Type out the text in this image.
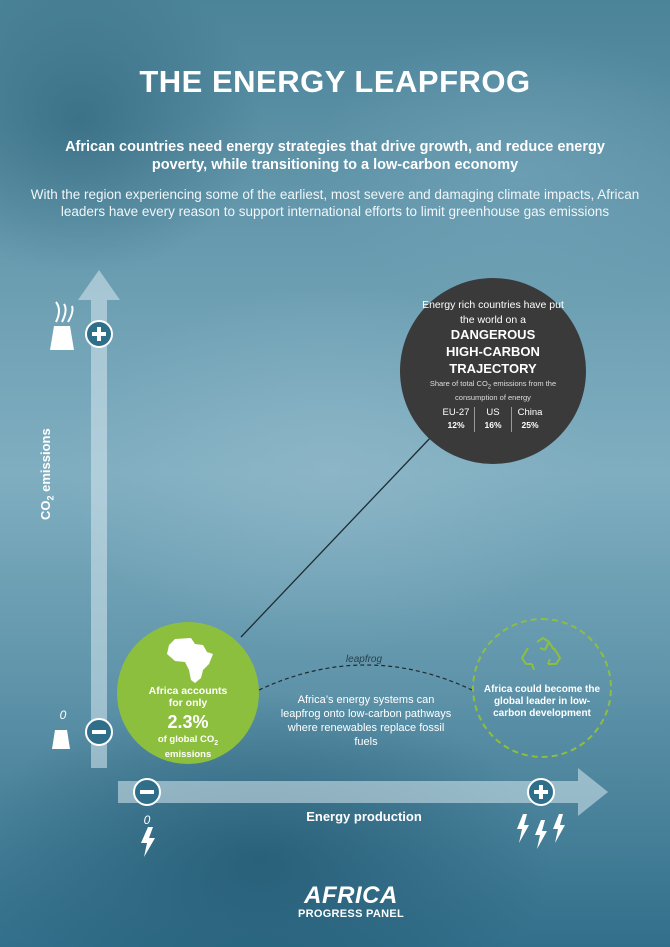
THE ENERGY LEAPFROG
African countries need energy strategies that drive growth, and reduce energy poverty, while transitioning to a low-carbon economy
With the region experiencing some of the earliest, most severe and damaging climate impacts, African leaders have every reason to support international efforts to limit greenhouse gas emissions
0
0
$CO_2$ emissions
Energy production
Energy rich countries have put the world on a
DANGEROUS
HIGH-CARBON
TRAJECTORY
Share of total $CO_2$ emissions from the consumption of energy
EU-27
12%
US
16%
China
25%
Africa accounts
for only
2.3%
of global $CO_2$
emissions
leapfrog
Africa’s energy systems can leapfrog onto low-carbon pathways where renewables replace fossil fuels
Africa could become the global leader in low-carbon development
AFRICA
PROGRESS PANEL
